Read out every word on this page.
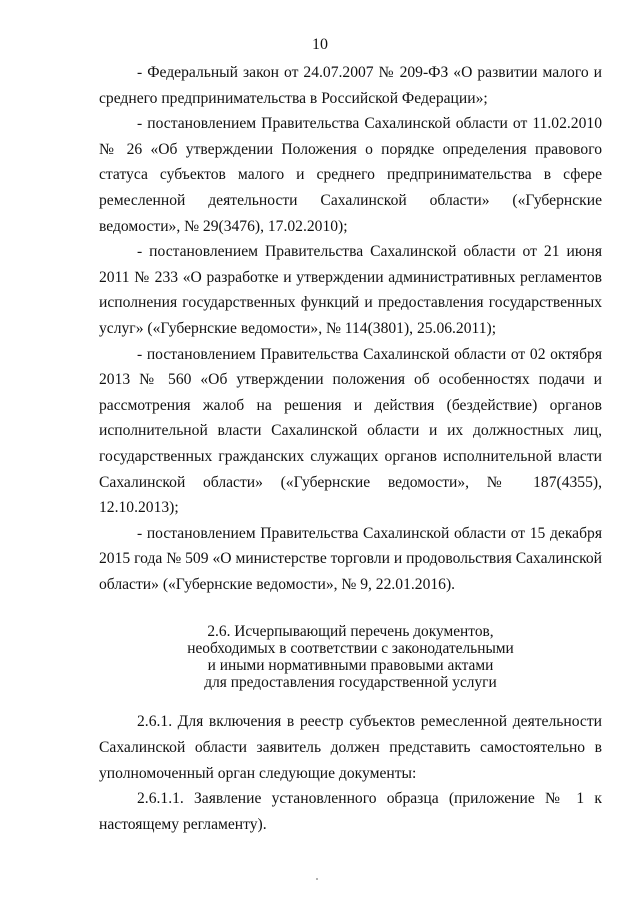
10

- Федеральный закон от 24.07.2007 № 209-ФЗ «О развитии малого и среднего предпринимательства в Российской Федерации»;

- постановлением Правительства Сахалинской области от 11.02.2010 № 26 «Об утверждении Положения о порядке определения правового статуса субъектов малого и среднего предпринимательства в сфере ремесленной деятельности Сахалинской области» («Губернские ведомости», № 29(3476), 17.02.2010);

- постановлением Правительства Сахалинской области от 21 июня 2011 № 233 «О разработке и утверждении административных регламентов исполнения государственных функций и предоставления государственных услуг» («Губернские ведомости», № 114(3801), 25.06.2011);

- постановлением Правительства Сахалинской области от 02 октября 2013 № 560 «Об утверждении положения об особенностях подачи и рассмотрения жалоб на решения и действия (бездействие) органов исполнительной власти Сахалинской области и их должностных лиц, государственных гражданских служащих органов исполнительной власти Сахалинской области» («Губернские ведомости», № 187(4355), 12.10.2013);

- постановлением Правительства Сахалинской области от 15 декабря 2015 года № 509 «О министерстве торговли и продовольствия Сахалинской области» («Губернские ведомости», № 9, 22.01.2016).

2.6. Исчерпывающий перечень документов,
необходимых в соответствии с законодательными
и иными нормативными правовыми актами
для предоставления государственной услуги

2.6.1. Для включения в реестр субъектов ремесленной деятельности Сахалинской области заявитель должен представить самостоятельно в уполномоченный орган следующие документы:

2.6.1.1. Заявление установленного образца (приложение № 1 к настоящему регламенту).
